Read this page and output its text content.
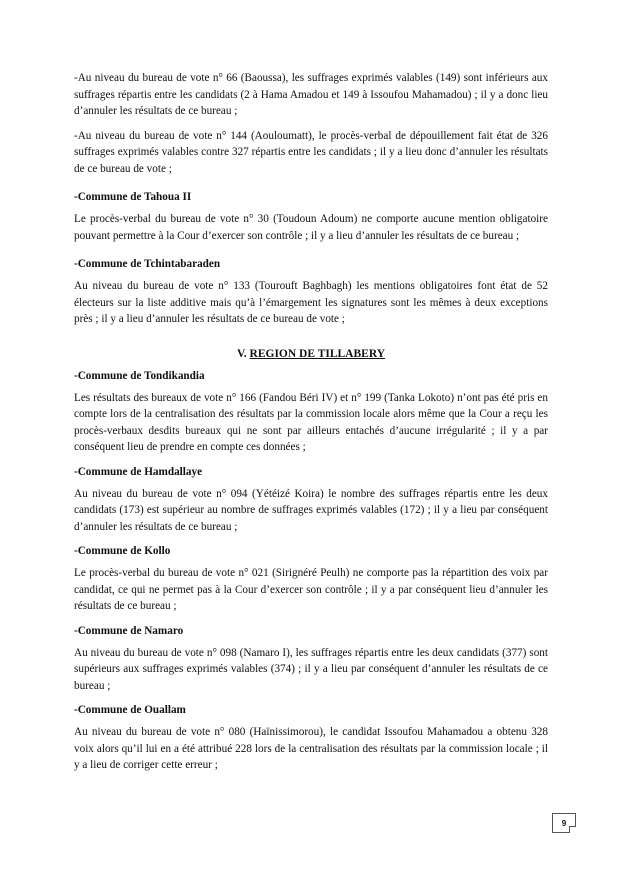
-Au niveau du bureau de vote n° 66 (Baoussa), les suffrages exprimés valables (149) sont inférieurs aux suffrages répartis entre les candidats (2 à Hama Amadou et 149 à Issoufou Mahamadou) ; il y a donc lieu d’annuler les résultats de ce bureau ;

-Au niveau du bureau de vote n° 144 (Aouloumatt), le procès-verbal de dépouillement fait état de 326 suffrages exprimés valables contre 327 répartis entre les candidats ; il y a lieu donc d’annuler les résultats de ce bureau de vote ;

-Commune de Tahoua II

Le procès-verbal du bureau de vote n° 30 (Toudoun Adoum) ne comporte aucune mention obligatoire pouvant permettre à la Cour d’exercer son contrôle ; il y a lieu d’annuler les résultats de ce bureau ;

-Commune de Tchintabaraden

Au niveau du bureau de vote n° 133 (Tourouft Baghbagh) les mentions obligatoires font état de 52 électeurs sur la liste additive mais qu’à l’émargement les signatures sont les mêmes à deux exceptions près ; il y a lieu d’annuler les résultats de ce bureau de vote ;

V. REGION DE TILLABERY
-Commune de Tondikandia

Les résultats des bureaux de vote n° 166 (Fandou Béri IV) et n° 199 (Tanka Lokoto) n’ont pas été pris en compte lors de la centralisation des résultats par la commission locale alors même que la Cour a reçu les procès-verbaux desdits bureaux qui ne sont par ailleurs entachés d’aucune irrégularité ; il y a par conséquent lieu de prendre en compte ces données ;

-Commune de Hamdallaye

Au niveau du bureau de vote n° 094 (Yétéizé Koira) le nombre des suffrages répartis entre les deux candidats (173) est supérieur au nombre de suffrages exprimés valables (172) ; il y a lieu par conséquent d’annuler les résultats de ce bureau ;

-Commune de Kollo

Le procès-verbal du bureau de vote n° 021 (Sirignéré Peulh) ne comporte pas la répartition des voix par candidat, ce qui ne permet pas à la Cour d’exercer son contrôle ; il y a par conséquent lieu d’annuler les résultats de ce bureau ;

-Commune de Namaro

Au niveau du bureau de vote n° 098 (Namaro I), les suffrages répartis entre les deux candidats (377) sont supérieurs aux suffrages exprimés valables (374) ; il y a lieu par conséquent d’annuler les résultats de ce bureau ;

-Commune de Ouallam

Au niveau du bureau de vote n° 080 (Haïnissimorou), le candidat Issoufou Mahamadou a obtenu 328 voix alors qu’il lui en a été attribué 228 lors de la centralisation des résultats par la commission locale ; il y a lieu de corriger cette erreur ;

9
